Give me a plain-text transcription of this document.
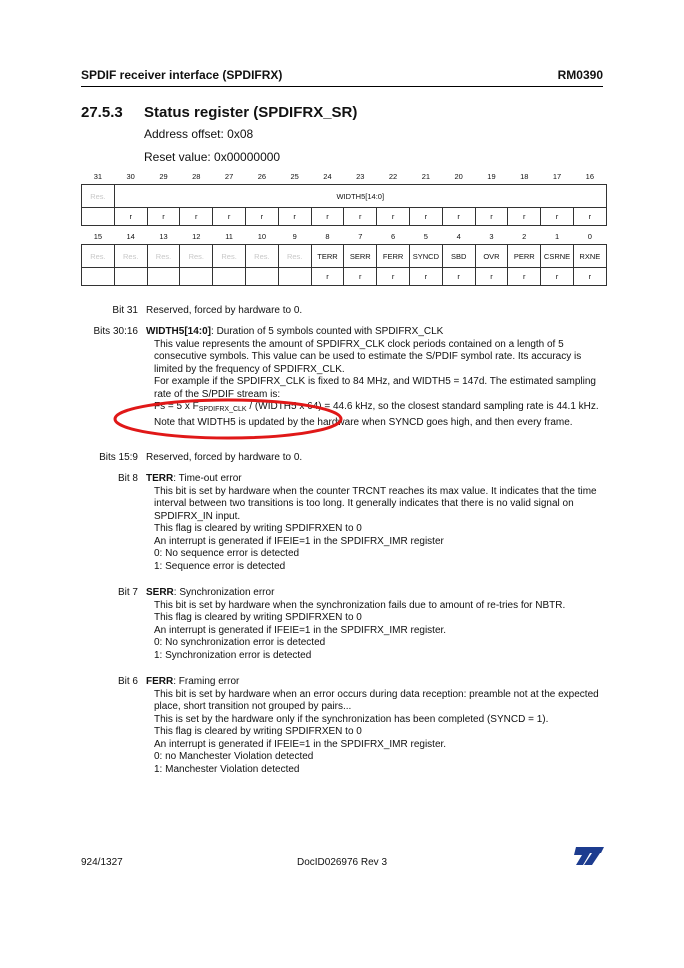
SPDIF receiver interface (SPDIFRX)	RM0390
27.5.3 Status register (SPDIFRX_SR)
Address offset: 0x08
Reset value: 0x00000000
31	30	29	28	27	26	25	24	23	22	21	20	19	18	17	16
Res.	WIDTH5[14:0]														
	r	r	r	r	r	r	r	r	r	r	r	r	r	r	r
15	14	13	12	11	10	9	8	7	6	5	4	3	2	1	0
Res.	Res.	Res.	Res.	Res.	Res.	Res.	TERR	SERR	FERR	SYNCD	SBD	OVR	PERR	CSRNE	RXNE
							r	r	r	r	r	r	r	r	r
Bit 31 Reserved, forced by hardware to 0.
Bits 30:16 WIDTH5[14:0]: Duration of 5 symbols counted with SPDIFRX_CLK

This value represents the amount of SPDIFRX_CLK clock periods contained on a length of 5 consecutive symbols. This value can be used to estimate the S/PDIF symbol rate. Its accuracy is limited by the frequency of SPDIFRX_CLK.

For example if the SPDIFRX_CLK is fixed to 84 MHz, and WIDTH5 = 147d. The estimated sampling rate of the S/PDIF stream is:

Fs = 5 x $F_{SPDIFRX\_CLK}$ / (WIDTH5 x 64) = 44.6 kHz, so the closest standard sampling rate is 44.1 kHz.

Note that WIDTH5 is updated by the hardware when SYNCD goes high, and then every frame.

Bits 15:9 Reserved, forced by hardware to 0.
Bit 8 TERR: Time-out error

This bit is set by hardware when the counter TRCNT reaches its max value. It indicates that the time interval between two transitions is too long. It generally indicates that there is no valid signal on SPDIFRX_IN input.

This flag is cleared by writing SPDIFRXEN to 0

An interrupt is generated if IFEIE=1 in the SPDIFRX_IMR register

0: No sequence error is detected

1: Sequence error is detected

Bit 7 SERR: Synchronization error

This bit is set by hardware when the synchronization fails due to amount of re-tries for NBTR.

This flag is cleared by writing SPDIFRXEN to 0

An interrupt is generated if IFEIE=1 in the SPDIFRX_IMR register.

0: No synchronization error is detected

1: Synchronization error is detected

Bit 6 FERR: Framing error

This bit is set by hardware when an error occurs during data reception: preamble not at the expected place, short transition not grouped by pairs...

This is set by the hardware only if the synchronization has been completed (SYNCD = 1).

This flag is cleared by writing SPDIFRXEN to 0

An interrupt is generated if IFEIE=1 in the SPDIFRX_IMR register.

0: no Manchester Violation detected

1: Manchester Violation detected

924/1327	DocID026976 Rev 3
